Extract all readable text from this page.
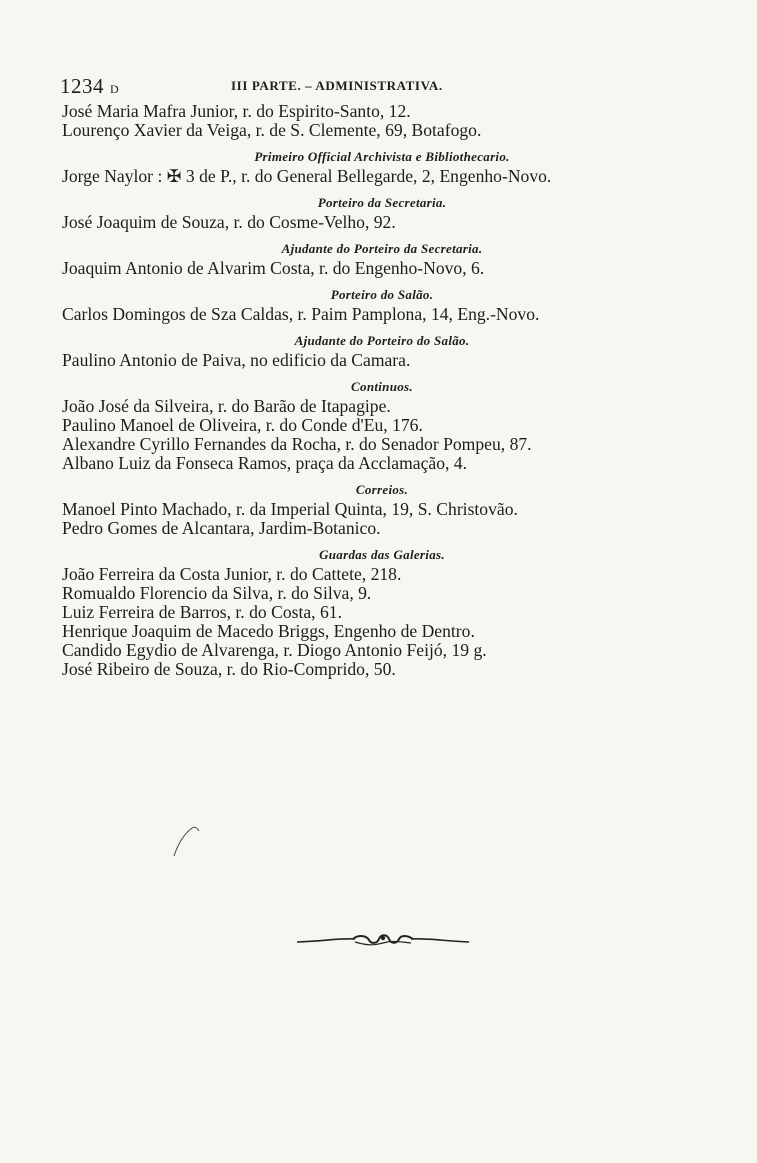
1234 D	III PARTE. – ADMINISTRATIVA.
José Maria Mafra Junior, r. do Espirito-Santo, 12.
Lourenço Xavier da Veiga, r. de S. Clemente, 69, Botafogo.
Primeiro Official Archivista e Bibliothecario.
Jorge Naylor : ✠ 3 de P., r. do General Bellegarde, 2, Engenho-Novo.
Porteiro da Secretaria.
José Joaquim de Souza, r. do Cosme-Velho, 92.
Ajudante do Porteiro da Secretaria.
Joaquim Antonio de Alvarim Costa, r. do Engenho-Novo, 6.
Porteiro do Salão.
Carlos Domingos de Sza Caldas, r. Paim Pamplona, 14, Eng.-Novo.
Ajudante do Porteiro do Salão.
Paulino Antonio de Paiva, no edificio da Camara.
Continuos.
João José da Silveira, r. do Barão de Itapagipe.
Paulino Manoel de Oliveira, r. do Conde d'Eu, 176.
Alexandre Cyrillo Fernandes da Rocha, r. do Senador Pompeu, 87.
Albano Luiz da Fonseca Ramos, praça da Acclamação, 4.
Correios.
Manoel Pinto Machado, r. da Imperial Quinta, 19, S. Christovão.
Pedro Gomes de Alcantara, Jardim-Botanico.
Guardas das Galerias.
João Ferreira da Costa Junior, r. do Cattete, 218.
Romualdo Florencio da Silva, r. do Silva, 9.
Luiz Ferreira de Barros, r. do Costa, 61.
Henrique Joaquim de Macedo Briggs, Engenho de Dentro.
Candido Egydio de Alvarenga, r. Diogo Antonio Feijó, 19 g.
José Ribeiro de Souza, r. do Rio-Comprido, 50.
